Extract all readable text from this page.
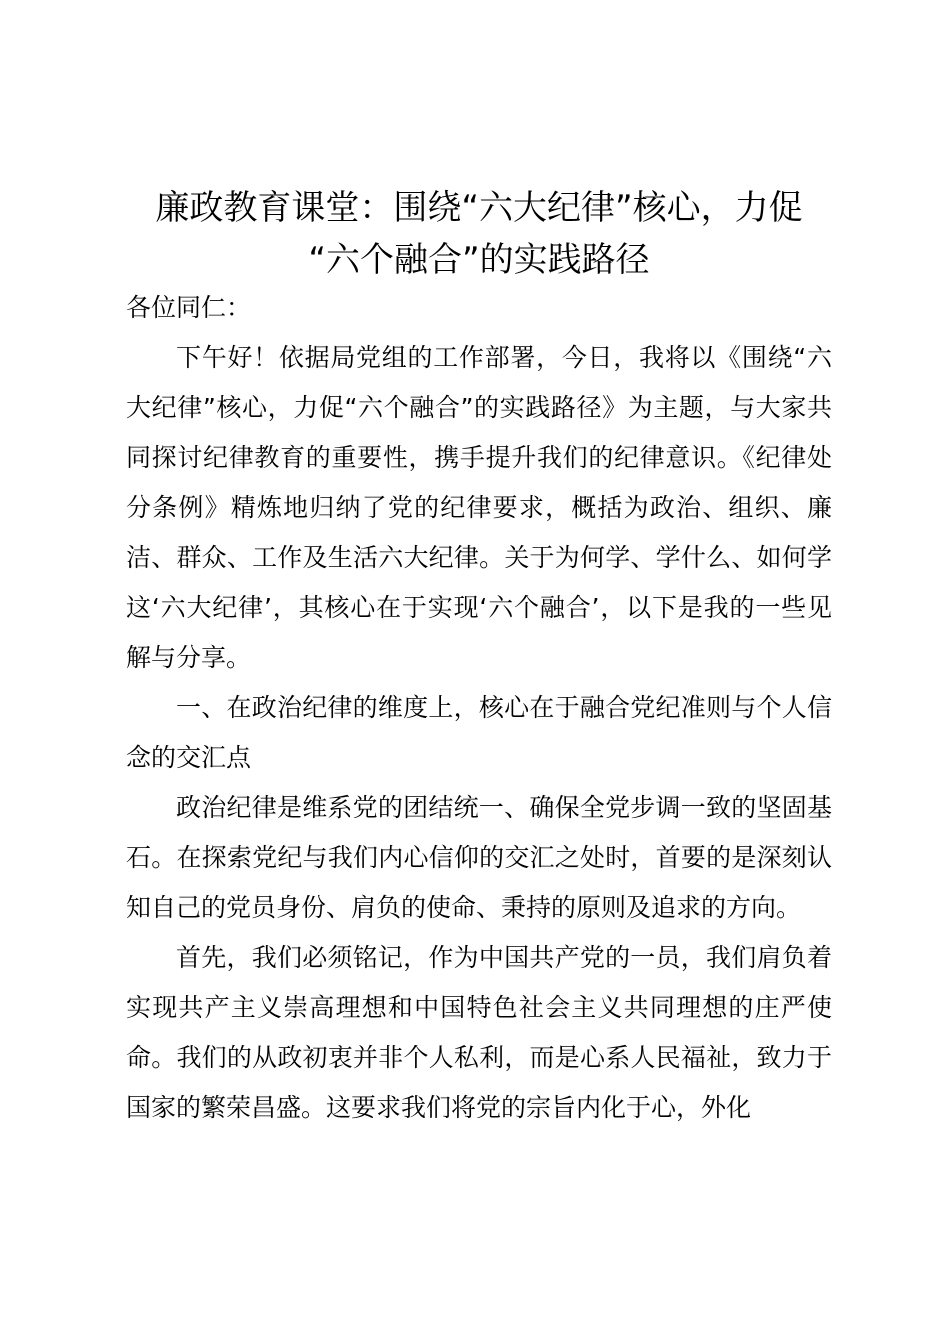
廉政教育课堂：围绕“六大纪律”核心，力促
“六个融合”的实践路径

各位同仁：

下午好！依据局党组的工作部署，今日，我将以《围绕“六大纪律”核心，力促“六个融合”的实践路径》为主题，与大家共同探讨纪律教育的重要性，携手提升我们的纪律意识。《纪律处分条例》精炼地归纳了党的纪律要求，概括为政治、组织、廉洁、群众、工作及生活六大纪律。关于为何学、学什么、如何学这‘六大纪律’，其核心在于实现‘六个融合’，以下是我的一些见解与分享。

一、在政治纪律的维度上，核心在于融合党纪准则与个人信念的交汇点

政治纪律是维系党的团结统一、确保全党步调一致的坚固基石。在探索党纪与我们内心信仰的交汇之处时，首要的是深刻认知自己的党员身份、肩负的使命、秉持的原则及追求的方向。

首先，我们必须铭记，作为中国共产党的一员，我们肩负着实现共产主义崇高理想和中国特色社会主义共同理想的庄严使命。我们的从政初衷并非个人私利，而是心系人民福祉，致力于国家的繁荣昌盛。这要求我们将党的宗旨内化于心，外化
